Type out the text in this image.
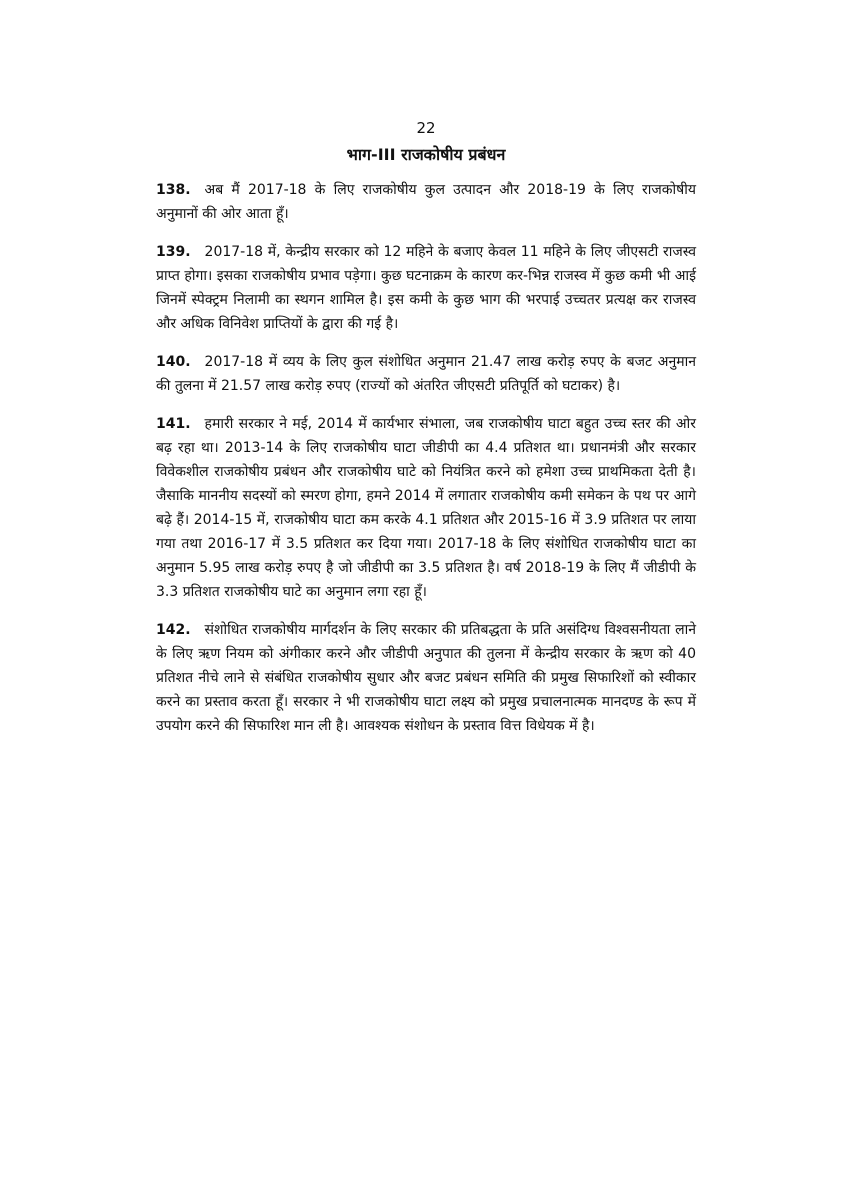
22
भाग-III राजकोषीय प्रबंधन

138. अब मैं 2017-18 के लिए राजकोषीय कुल उत्पादन और 2018-19 के लिए राजकोषीय अनुमानों की ओर आता हूँ।

139. 2017-18 में, केन्द्रीय सरकार को 12 महिने के बजाए केवल 11 महिने के लिए जीएसटी राजस्व प्राप्त होगा। इसका राजकोषीय प्रभाव पड़ेगा। कुछ घटनाक्रम के कारण कर-भिन्न राजस्व में कुछ कमी भी आई जिनमें स्पेक्ट्रम निलामी का स्थगन शामिल है। इस कमी के कुछ भाग की भरपाई उच्चतर प्रत्यक्ष कर राजस्व और अधिक विनिवेश प्राप्तियों के द्वारा की गई है।

140. 2017-18 में व्यय के लिए कुल संशोधित अनुमान 21.47 लाख करोड़ रुपए के बजट अनुमान की तुलना में 21.57 लाख करोड़ रुपए (राज्यों को अंतरित जीएसटी प्रतिपूर्ति को घटाकर) है।

141. हमारी सरकार ने मई, 2014 में कार्यभार संभाला, जब राजकोषीय घाटा बहुत उच्च स्तर की ओर बढ़ रहा था। 2013-14 के लिए राजकोषीय घाटा जीडीपी का 4.4 प्रतिशत था। प्रधानमंत्री और सरकार विवेकशील राजकोषीय प्रबंधन और राजकोषीय घाटे को नियंत्रित करने को हमेशा उच्च प्राथमिकता देती है। जैसाकि माननीय सदस्यों को स्मरण होगा, हमने 2014 में लगातार राजकोषीय कमी समेकन के पथ पर आगे बढ़े हैं। 2014-15 में, राजकोषीय घाटा कम करके 4.1 प्रतिशत और 2015-16 में 3.9 प्रतिशत पर लाया गया तथा 2016-17 में 3.5 प्रतिशत कर दिया गया। 2017-18 के लिए संशोधित राजकोषीय घाटा का अनुमान 5.95 लाख करोड़ रुपए है जो जीडीपी का 3.5 प्रतिशत है। वर्ष 2018-19 के लिए मैं जीडीपी के 3.3 प्रतिशत राजकोषीय घाटे का अनुमान लगा रहा हूँ।

142. संशोधित राजकोषीय मार्गदर्शन के लिए सरकार की प्रतिबद्धता के प्रति असंदिग्ध विश्वसनीयता लाने के लिए ऋण नियम को अंगीकार करने और जीडीपी अनुपात की तुलना में केन्द्रीय सरकार के ऋण को 40 प्रतिशत नीचे लाने से संबंधित राजकोषीय सुधार और बजट प्रबंधन समिति की प्रमुख सिफारिशों को स्वीकार करने का प्रस्ताव करता हूँ। सरकार ने भी राजकोषीय घाटा लक्ष्य को प्रमुख प्रचालनात्मक मानदण्ड के रूप में उपयोग करने की सिफारिश मान ली है। आवश्यक संशोधन के प्रस्ताव वित्त विधेयक में है।
